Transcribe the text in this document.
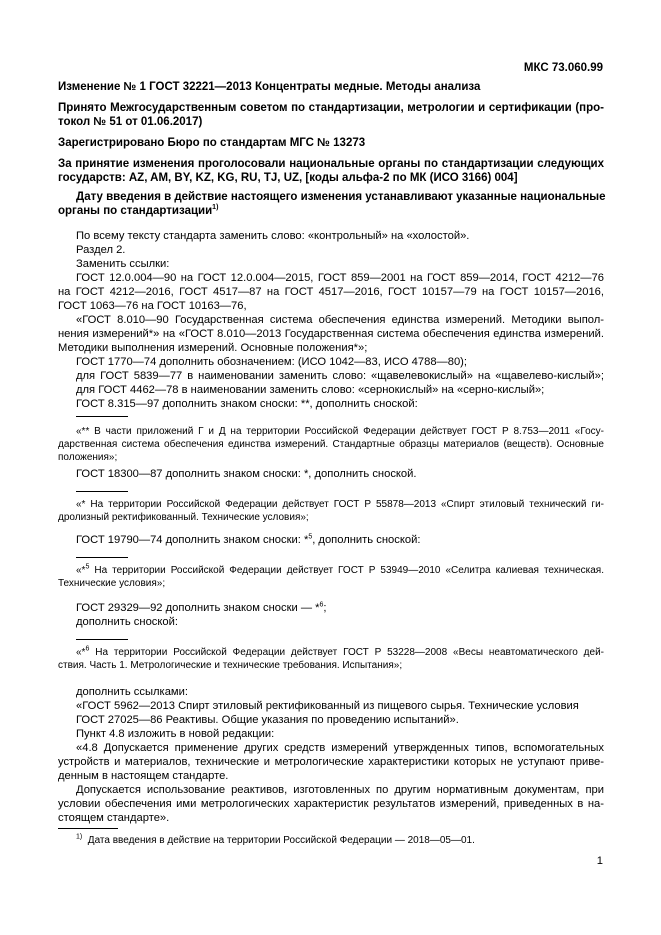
МКС 73.060.99
Изменение № 1 ГОСТ 32221—2013 Концентраты медные. Методы анализа
Принято Межгосударственным советом по стандартизации, метрологии и сертификации (про-
токол № 51 от 01.06.2017)
Зарегистрировано Бюро по стандартам МГС № 13273
За принятие изменения проголосовали национальные органы по стандартизации следующих
государств: AZ, AM, BY, KZ, KG, RU, TJ, UZ, [коды альфа-2 по МК (ИСО 3166) 004]
Дату введения в действие настоящего изменения устанавливают указанные национальные
органы по стандартизации$^{1)}$
По всему тексту стандарта заменить слово: «контрольный» на «холостой».
Раздел 2.
Заменить ссылки:
ГОСТ 12.0.004—90 на ГОСТ 12.0.004—2015, ГОСТ 859—2001 на ГОСТ 859—2014, ГОСТ 4212—76
на ГОСТ 4212—2016, ГОСТ 4517—87 на ГОСТ 4517—2016, ГОСТ 10157—79 на ГОСТ 10157—2016,
ГОСТ 1063—76 на ГОСТ 10163—76,
«ГОСТ 8.010—90 Государственная система обеспечения единства измерений. Методики выпол-
нения измерений*» на «ГОСТ 8.010—2013 Государственная система обеспечения единства измерений.
Методики выполнения измерений. Основные положения*»;
ГОСТ 1770—74 дополнить обозначением: (ИСО 1042—83, ИСО 4788—80);
для ГОСТ 5839—77 в наименовании заменить слово: «щавелевокислый» на «щавелево-кислый»;
для ГОСТ 4462—78 в наименовании заменить слово: «сернокислый» на «серно-кислый»;
ГОСТ 8.315—97 дополнить знаком сноски: **, дополнить сноской:
«** В части приложений Г и Д на территории Российской Федерации действует ГОСТ Р 8.753—2011 «Госу-
дарственная система обеспечения единства измерений. Стандартные образцы материалов (веществ). Основные
положения»;
ГОСТ 18300—87 дополнить знаком сноски: *, дополнить сноской.
«* На территории Российской Федерации действует ГОСТ Р 55878—2013 «Спирт этиловый технический ги-
дролизный ректификованный. Технические условия»;
ГОСТ 19790—74 дополнить знаком сноски: *$^5$, дополнить сноской:
«*$^5$ На территории Российской Федерации действует ГОСТ Р 53949—2010 «Селитра калиевая техническая.
Технические условия»;
ГОСТ 29329—92 дополнить знаком сноски — *$^6$;
дополнить сноской:
«*$^6$ На территории Российской Федерации действует ГОСТ Р 53228—2008 «Весы неавтоматического дей-
ствия. Часть 1. Метрологические и технические требования. Испытания»;
дополнить ссылками:
«ГОСТ 5962—2013 Спирт этиловый ректификованный из пищевого сырья. Технические условия
ГОСТ 27025—86 Реактивы. Общие указания по проведению испытаний».
Пункт 4.8 изложить в новой редакции:
«4.8 Допускается применение других средств измерений утвержденных типов, вспомогательных
устройств и материалов, технические и метрологические характеристики которых не уступают приве-
денным в настоящем стандарте.
Допускается использование реактивов, изготовленных по другим нормативным документам, при
условии обеспечения ими метрологических характеристик результатов измерений, приведенных в на-
стоящем стандарте».
$^{1)}$ Дата введения в действие на территории Российской Федерации — 2018—05—01.
1
